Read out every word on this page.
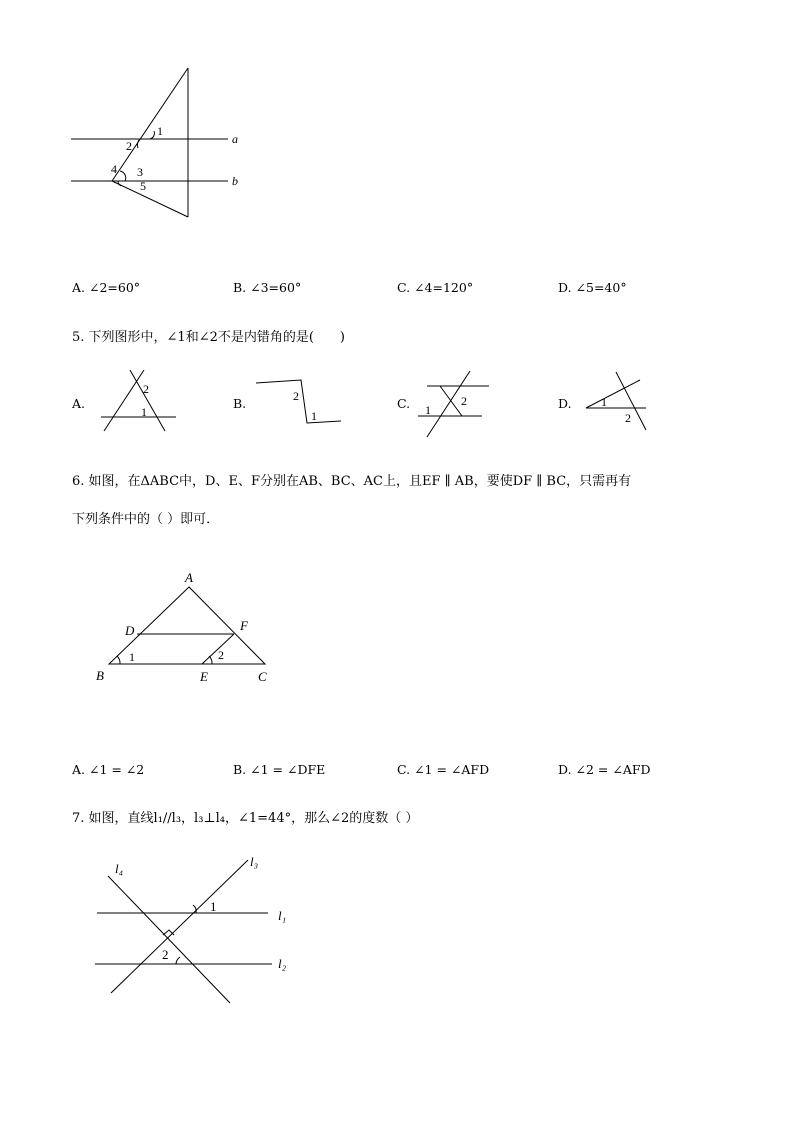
1
2
3
4
5
a
b
A. ∠2=60°	B. ∠3=60°	C. ∠4=120°	D. ∠5=40°
5. 下列图形中，∠1和∠2不是内错角的是(　　)
A.	B.	C.	D.
2
1
2
1
2
1
1
2
6. 如图，在ΔABC中，D、E、F分别在AB、BC、AC上，且EF ∥ AB，要使DF ∥ BC，只需再有
下列条件中的（ ）即可．
A
D	F
B	E	C
1	2
A. ∠1 = ∠2	B. ∠1 = ∠DFE	C. ∠1 = ∠AFD	D. ∠2 = ∠AFD
7. 如图，直线l₁//l₃，l₃⊥l₄，∠1=44°，那么∠2的度数（ ）
l₄	l₃
l₁
l₂
1
2
